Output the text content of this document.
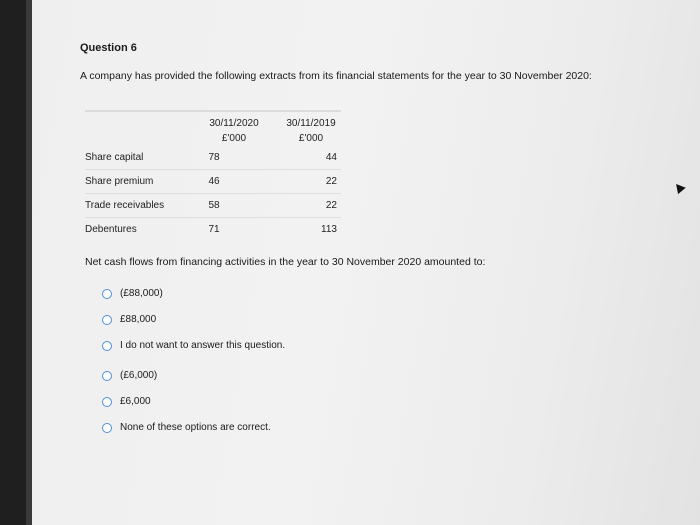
Question 6
A company has provided the following extracts from its financial statements for the year to 30 November 2020:
	30/11/2020	30/11/2019
	£'000	£'000
Share capital	78	44
Share premium	46	22
Trade receivables	58	22
Debentures	71	113
Net cash flows from financing activities in the year to 30 November 2020 amounted to:
(£88,000)
£88,000
I do not want to answer this question.
(£6,000)
£6,000
None of these options are correct.
